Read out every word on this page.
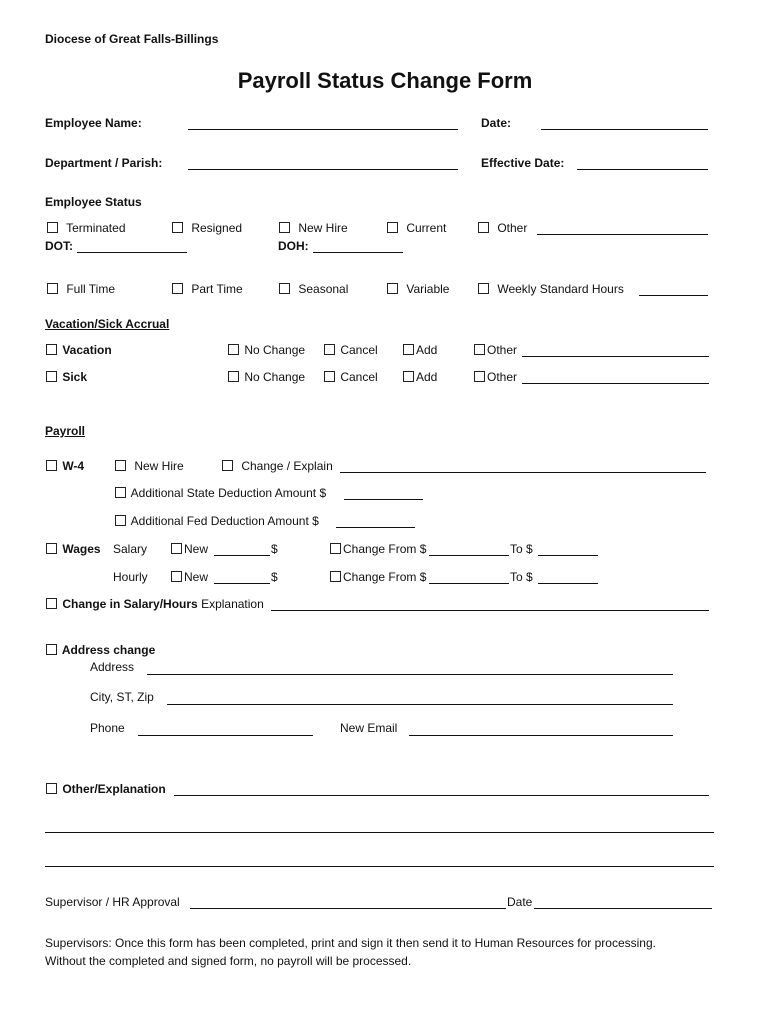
Diocese of Great Falls-Billings
Payroll Status Change Form
Employee Name:	Date:
Department / Parish:	Effective Date:
Employee Status
Terminated	Resigned	New Hire	Current	Other
DOT:	DOH:
Full Time	Part Time	Seasonal	Variable	Weekly Standard Hours
Vacation/Sick Accrual
Vacation	No Change	Cancel	Add	Other
Sick	No Change	Cancel	Add	Other
Payroll
W-4	New Hire	Change / Explain
Additional State Deduction Amount $
Additional Fed Deduction Amount $
Wages Salary	New	$	Change From $	To $
Hourly	New	$	Change From $	To $
Change in Salary/Hours Explanation
Address change
Address
City, ST, Zip
Phone	New Email
Other/Explanation
Supervisor / HR Approval	Date
Supervisors: Once this form has been completed, print and sign it then send it to Human Resources for processing.
Without the completed and signed form, no payroll will be processed.
